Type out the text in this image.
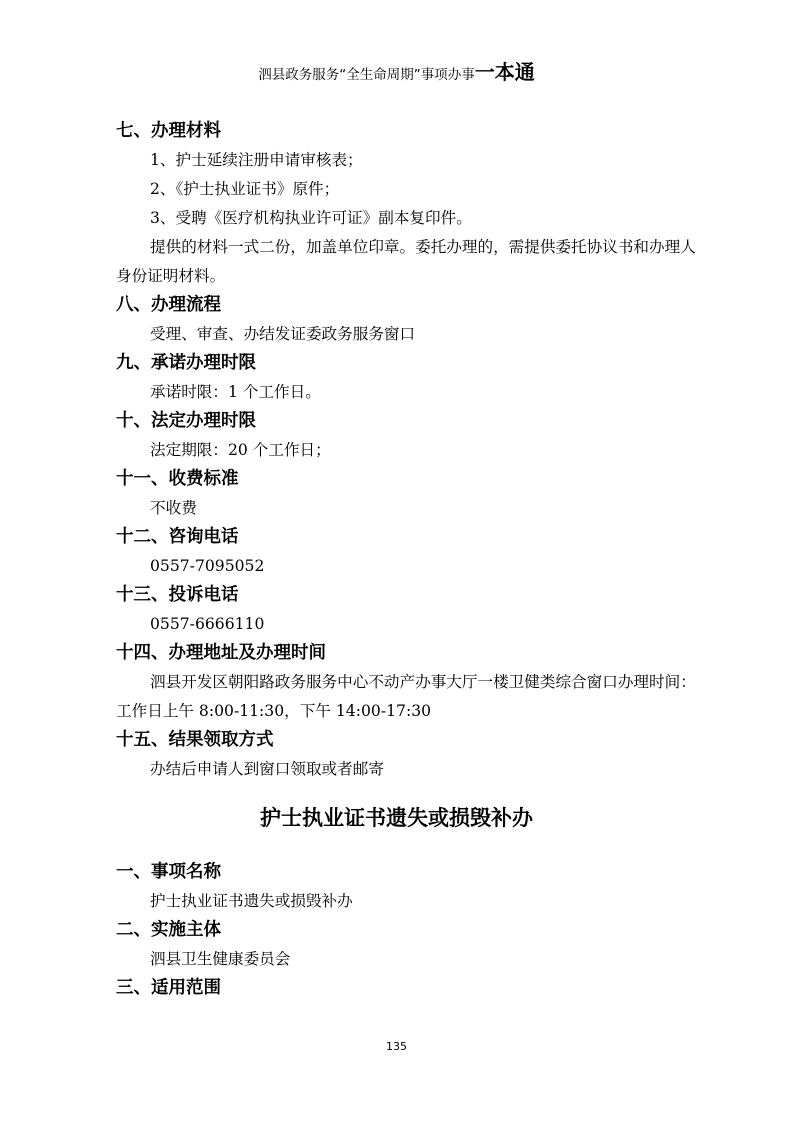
泗县政务服务“全生命周期”事项办事一本通
七、办理材料
1、护士延续注册申请审核表；
2、《护士执业证书》原件；
3、受聘《医疗机构执业许可证》副本复印件。
提供的材料一式二份，加盖单位印章。委托办理的，需提供委托协议书和办理人身份证明材料。
八、办理流程
受理、审查、办结发证委政务服务窗口
九、承诺办理时限
承诺时限：1 个工作日。
十、法定办理时限
法定期限：20 个工作日；
十一、收费标准
不收费
十二、咨询电话
0557-7095052
十三、投诉电话
0557-6666110
十四、办理地址及办理时间
泗县开发区朝阳路政务服务中心不动产办事大厅一楼卫健类综合窗口办理时间：工作日上午 8:00-11:30，下午 14:00-17:30
十五、结果领取方式
办结后申请人到窗口领取或者邮寄
护士执业证书遗失或损毁补办
一、事项名称
护士执业证书遗失或损毁补办
二、实施主体
泗县卫生健康委员会
三、适用范围
135
